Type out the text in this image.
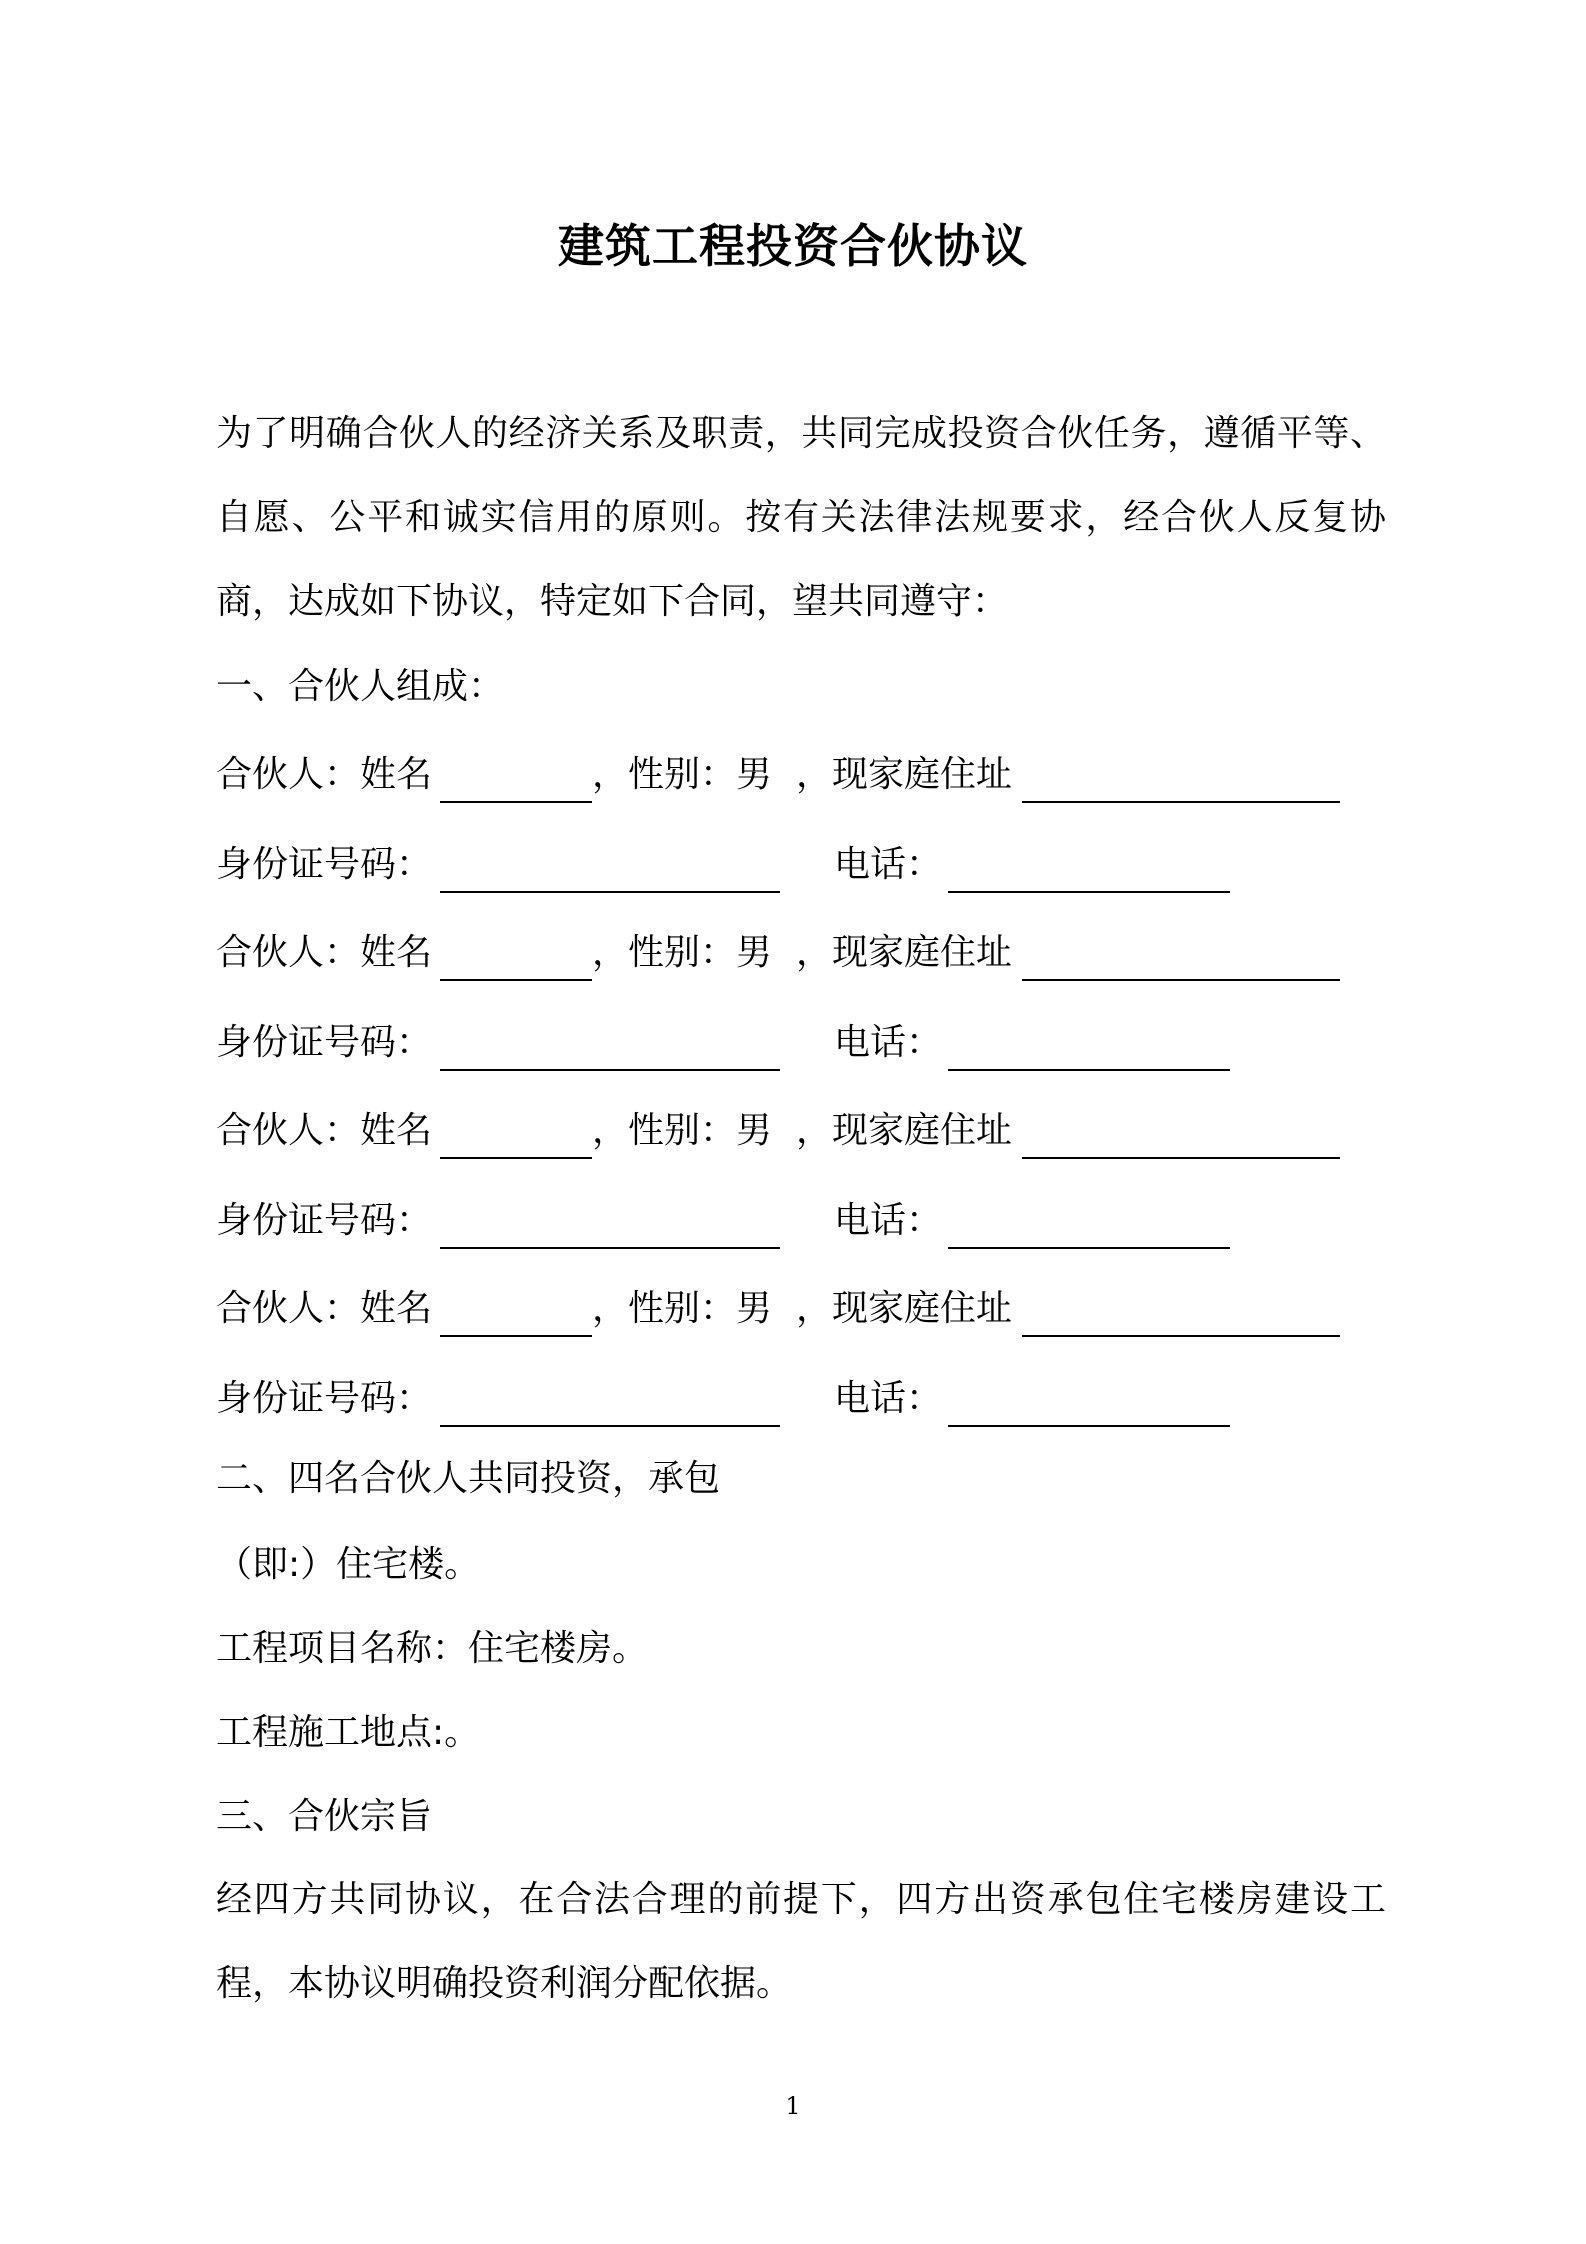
建筑工程投资合伙协议
为了明确合伙人的经济关系及职责，共同完成投资合伙任务，遵循平等、自愿、公平和诚实信用的原则。按有关法律法规要求，经合伙人反复协商，达成如下协议，特定如下合同，望共同遵守：
一、合伙人组成：
合伙人：姓名	，性别：男 ，现家庭住址
身份证号码：	电话：
合伙人：姓名	，性别：男 ，现家庭住址
身份证号码：	电话：
合伙人：姓名	，性别：男 ，现家庭住址
身份证号码：	电话：
合伙人：姓名	，性别：男 ，现家庭住址
身份证号码：	电话：
二、四名合伙人共同投资，承包
（即:）住宅楼。
工程项目名称：住宅楼房。
工程施工地点:。
三、合伙宗旨
经四方共同协议，在合法合理的前提下，四方出资承包住宅楼房建设工程，本协议明确投资利润分配依据。
1
